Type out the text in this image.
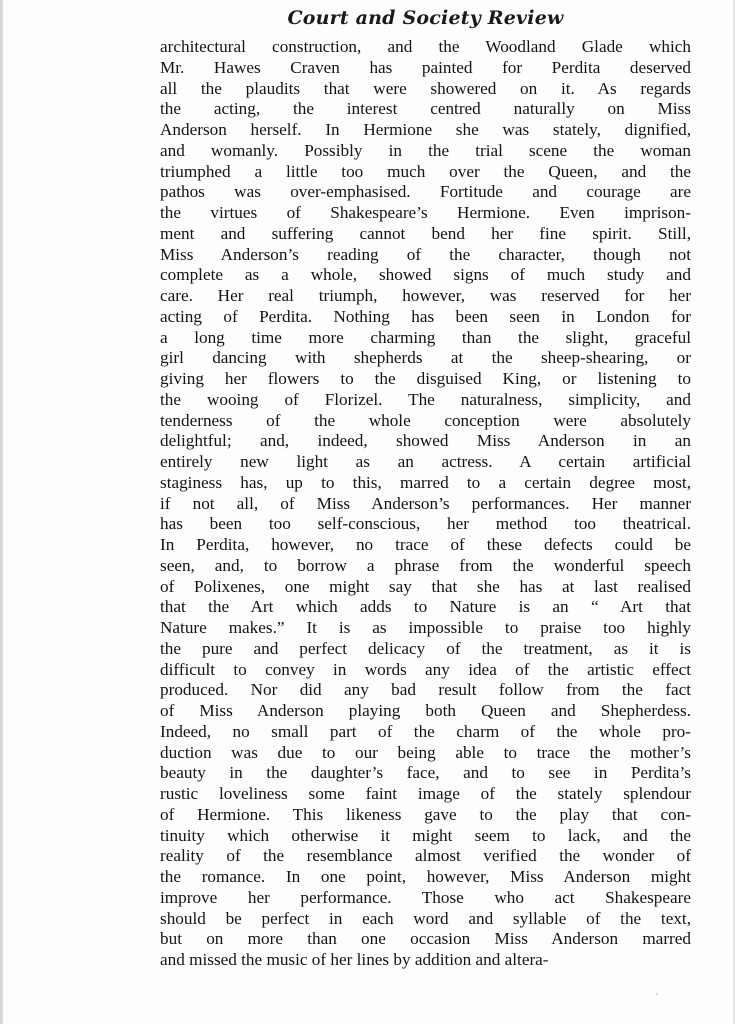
Court and Society Review
architectural construction, and the Woodland Glade which
Mr. Hawes Craven has painted for Perdita deserved
all the plaudits that were showered on it. As regards
the acting, the interest centred naturally on Miss
Anderson herself. In Hermione she was stately, dignified,
and womanly. Possibly in the trial scene the woman
triumphed a little too much over the Queen, and the
pathos was over-emphasised. Fortitude and courage are
the virtues of Shakespeare’s Hermione. Even imprison-
ment and suffering cannot bend her fine spirit. Still,
Miss Anderson’s reading of the character, though not
complete as a whole, showed signs of much study and
care. Her real triumph, however, was reserved for her
acting of Perdita. Nothing has been seen in London for
a long time more charming than the slight, graceful
girl dancing with shepherds at the sheep-shearing, or
giving her flowers to the disguised King, or listening to
the wooing of Florizel. The naturalness, simplicity, and
tenderness of the whole conception were absolutely
delightful; and, indeed, showed Miss Anderson in an
entirely new light as an actress. A certain artificial
staginess has, up to this, marred to a certain degree most,
if not all, of Miss Anderson’s performances. Her manner
has been too self-conscious, her method too theatrical.
In Perdita, however, no trace of these defects could be
seen, and, to borrow a phrase from the wonderful speech
of Polixenes, one might say that she has at last realised
that the Art which adds to Nature is an “ Art that
Nature makes.” It is as impossible to praise too highly
the pure and perfect delicacy of the treatment, as it is
difficult to convey in words any idea of the artistic effect
produced. Nor did any bad result follow from the fact
of Miss Anderson playing both Queen and Shepherdess.
Indeed, no small part of the charm of the whole pro-
duction was due to our being able to trace the mother’s
beauty in the daughter’s face, and to see in Perdita’s
rustic loveliness some faint image of the stately splendour
of Hermione. This likeness gave to the play that con-
tinuity which otherwise it might seem to lack, and the
reality of the resemblance almost verified the wonder of
the romance. In one point, however, Miss Anderson might
improve her performance. Those who act Shakespeare
should be perfect in each word and syllable of the text,
but on more than one occasion Miss Anderson marred
and missed the music of her lines by addition and altera-
